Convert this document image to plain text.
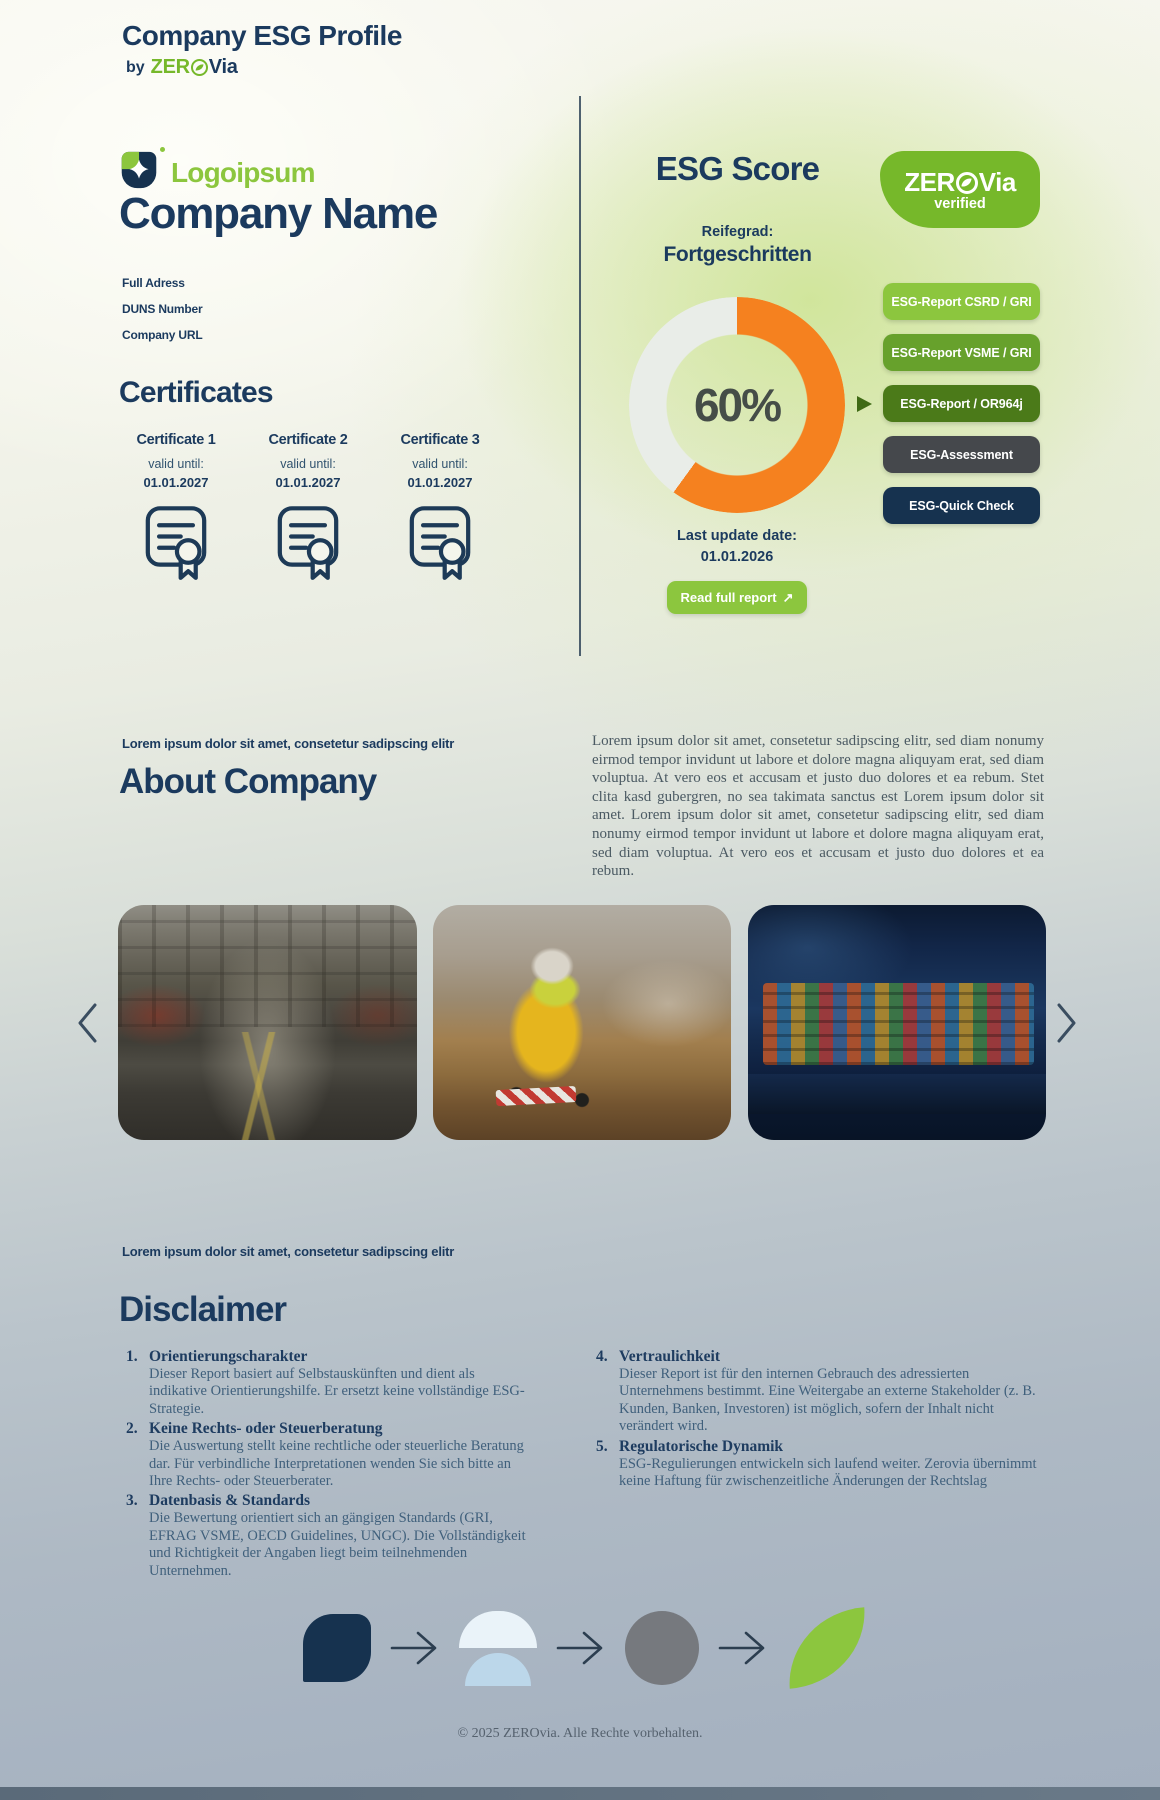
Company ESG Profile
by ZER Via
Logoipsum
Company Name
Full Adress
DUNS Number
Company URL
Certificates
Certificate 1
valid until:
01.01.2027
Certificate 2
valid until:
01.01.2027
Certificate 3
valid until:
01.01.2027
ESG Score	ZER Via
verified
Reifegrad:
Fortgeschritten
60%
ESG-Report CSRD / GRI
ESG-Report VSME / GRI
ESG-Report / OR964j
ESG-Assessment
ESG-Quick Check
Last update date:
01.01.2026
Read full report ↗
Lorem ipsum dolor sit amet, consetetur sadipscing elitr
About Company
Lorem ipsum dolor sit amet, consetetur sadipscing elitr, sed diam nonumy eirmod tempor invidunt ut labore et dolore magna aliquyam erat, sed diam voluptua. At vero eos et accusam et justo duo dolores et ea rebum. Stet clita kasd gubergren, no sea takimata sanctus est Lorem ipsum dolor sit amet. Lorem ipsum dolor sit amet, consetetur sadipscing elitr, sed diam nonumy eirmod tempor invidunt ut labore et dolore magna aliquyam erat, sed diam voluptua. At vero eos et accusam et justo duo dolores et ea rebum.
Lorem ipsum dolor sit amet, consetetur sadipscing elitr
Disclaimer
1. Orientierungscharakter
Dieser Report basiert auf Selbstauskünften und dient als indikative Orientierungshilfe. Er ersetzt keine vollständige ESG-Strategie.
2. Keine Rechts- oder Steuerberatung
Die Auswertung stellt keine rechtliche oder steuerliche Beratung dar. Für verbindliche Interpretationen wenden Sie sich bitte an Ihre Rechts- oder Steuerberater.
3. Datenbasis & Standards
Die Bewertung orientiert sich an gängigen Standards (GRI, EFRAG VSME, OECD Guidelines, UNGC). Die Vollständigkeit und Richtigkeit der Angaben liegt beim teilnehmenden Unternehmen.
4. Vertraulichkeit
Dieser Report ist für den internen Gebrauch des adressierten Unternehmens bestimmt. Eine Weitergabe an externe Stakeholder (z. B. Kunden, Banken, Investoren) ist möglich, sofern der Inhalt nicht verändert wird.
5. Regulatorische Dynamik
ESG-Regulierungen entwickeln sich laufend weiter. Zerovia übernimmt keine Haftung für zwischenzeitliche Änderungen der Rechtslag
© 2025 ZEROvia. Alle Rechte vorbehalten.
